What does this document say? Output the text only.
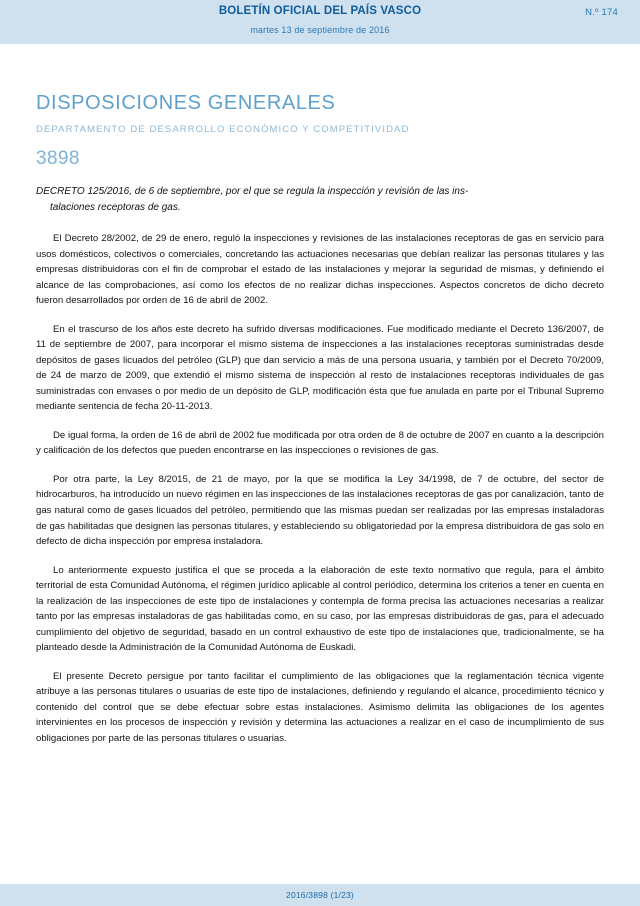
BOLETÍN OFICIAL DEL PAÍS VASCO	N.º 174
martes 13 de septiembre de 2016
DISPOSICIONES GENERALES
DEPARTAMENTO DE DESARROLLO ECONÓMICO Y COMPETITIVIDAD
3898
DECRETO 125/2016, de 6 de septiembre, por el que se regula la inspección y revisión de las ins-
talaciones receptoras de gas.

El Decreto 28/2002, de 29 de enero, reguló la inspecciones y revisiones de las instalaciones receptoras de gas en servicio para usos domésticos, colectivos o comerciales, concretando las actuaciones necesarias que debían realizar las personas titulares y las empresas distribuidoras con el fin de comprobar el estado de las instalaciones y mejorar la seguridad de mismas, y definiendo el alcance de las comprobaciones, así como los efectos de no realizar dichas inspecciones. Aspectos concretos de dicho decreto fueron desarrollados por orden de 16 de abril de 2002.

En el trascurso de los años este decreto ha sufrido diversas modificaciones. Fue modificado mediante el Decreto 136/2007, de 11 de septiembre de 2007, para incorporar el mismo sistema de inspecciones a las instalaciones receptoras suministradas desde depósitos de gases licuados del petróleo (GLP) que dan servicio a más de una persona usuaria, y también por el Decreto 70/2009, de 24 de marzo de 2009, que extendió el mismo sistema de inspección al resto de instalaciones receptoras individuales de gas suministradas con envases o por medio de un depósito de GLP, modificación ésta que fue anulada en parte por el Tribunal Supremo mediante sentencia de fecha 20-11-2013.

De igual forma, la orden de 16 de abril de 2002 fue modificada por otra orden de 8 de octubre de 2007 en cuanto a la descripción y calificación de los defectos que pueden encontrarse en las inspecciones o revisiones de gas.

Por otra parte, la Ley 8/2015, de 21 de mayo, por la que se modifica la Ley 34/1998, de 7 de octubre, del sector de hidrocarburos, ha introducido un nuevo régimen en las inspecciones de las instalaciones receptoras de gas por canalización, tanto de gas natural como de gases licuados del petróleo, permitiendo que las mismas puedan ser realizadas por las empresas instaladoras de gas habilitadas que designen las personas titulares, y estableciendo su obligatoriedad por la empresa distribuidora de gas solo en defecto de dicha inspección por empresa instaladora.

Lo anteriormente expuesto justifica el que se proceda a la elaboración de este texto normativo que regula, para el ámbito territorial de esta Comunidad Autónoma, el régimen jurídico aplicable al control periódico, determina los criterios a tener en cuenta en la realización de las inspecciones de este tipo de instalaciones y contempla de forma precisa las actuaciones necesarias a realizar tanto por las empresas instaladoras de gas habilitadas como, en su caso, por las empresas distribuidoras de gas, para el adecuado cumplimiento del objetivo de seguridad, basado en un control exhaustivo de este tipo de instalaciones que, tradicionalmente, se ha planteado desde la Administración de la Comunidad Autónoma de Euskadi.

El presente Decreto persigue por tanto facilitar el cumplimiento de las obligaciones que la reglamentación técnica vigente atribuye a las personas titulares o usuarias de este tipo de instalaciones, definiendo y regulando el alcance, procedimiento técnico y contenido del control que se debe efectuar sobre estas instalaciones. Asimismo delimita las obligaciones de los agentes intervinientes en los procesos de inspección y revisión y determina las actuaciones a realizar en el caso de incumplimiento de sus obligaciones por parte de las personas titulares o usuarias.

2016/3898 (1/23)
